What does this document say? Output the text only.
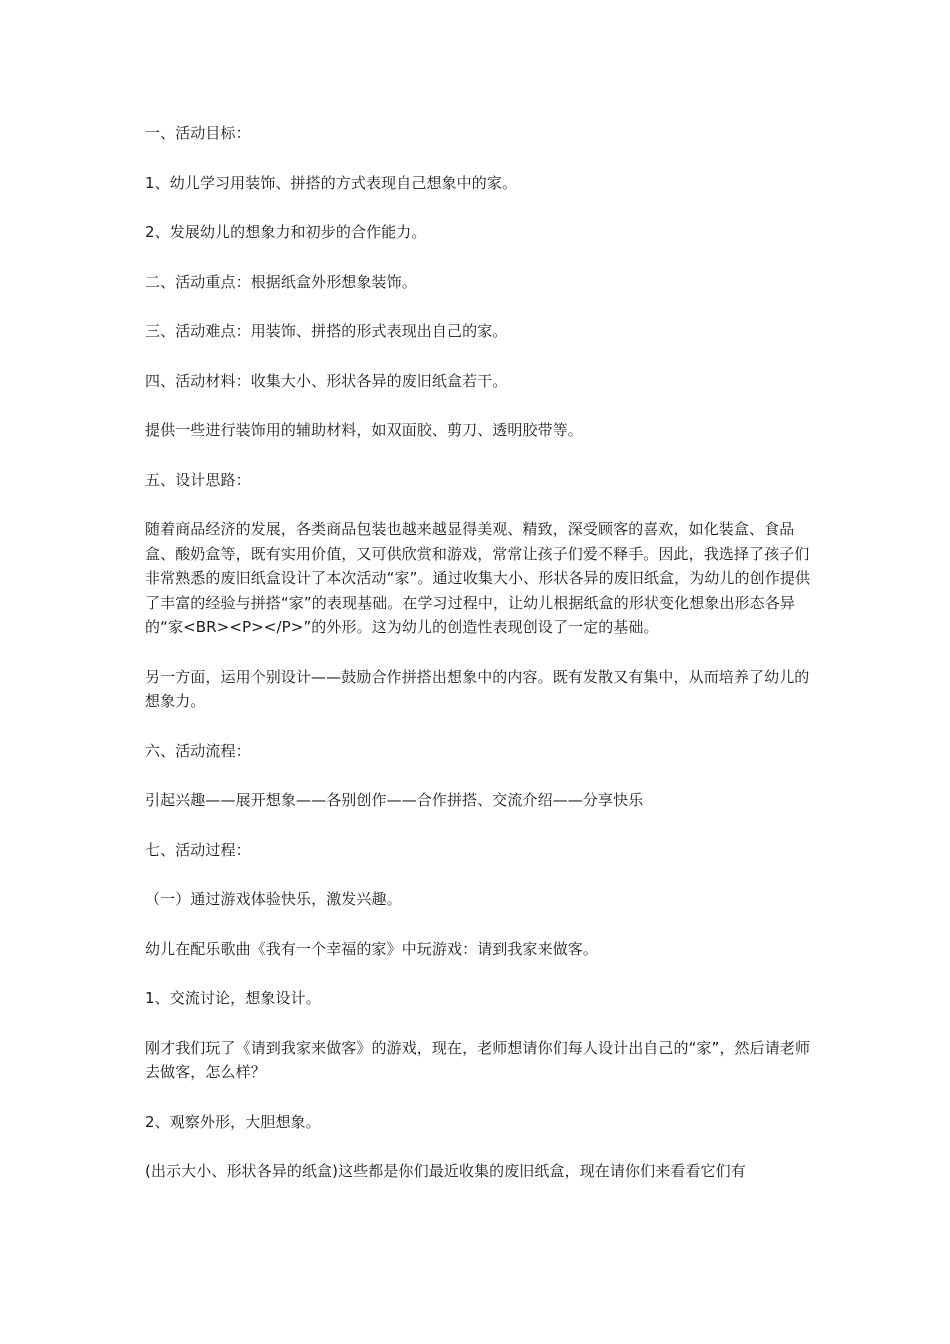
一、活动目标：

1、幼儿学习用装饰、拼搭的方式表现自己想象中的家。

2、发展幼儿的想象力和初步的合作能力。

二、活动重点：根据纸盒外形想象装饰。

三、活动难点：用装饰、拼搭的形式表现出自己的家。

四、活动材料：收集大小、形状各异的废旧纸盒若干。

提供一些进行装饰用的辅助材料，如双面胶、剪刀、透明胶带等。

五、设计思路：

随着商品经济的发展，各类商品包装也越来越显得美观、精致，深受顾客的喜欢，如化装盒、食品盒、酸奶盒等，既有实用价值，又可供欣赏和游戏，常常让孩子们爱不释手。因此，我选择了孩子们非常熟悉的废旧纸盒设计了本次活动“家”。通过收集大小、形状各异的废旧纸盒，为幼儿的创作提供了丰富的经验与拼搭“家”的表现基础。在学习过程中，让幼儿根据纸盒的形状变化想象出形态各异的“家<BR><P></P>”的外形。这为幼儿的创造性表现创设了一定的基础。

另一方面，运用个别设计——鼓励合作拼搭出想象中的内容。既有发散又有集中，从而培养了幼儿的想象力。

六、活动流程：

引起兴趣——展开想象——各别创作——合作拼搭、交流介绍——分享快乐

七、活动过程：

（一）通过游戏体验快乐，激发兴趣。

幼儿在配乐歌曲《我有一个幸福的家》中玩游戏：请到我家来做客。

1、交流讨论，想象设计。

刚才我们玩了《请到我家来做客》的游戏，现在，老师想请你们每人设计出自己的“家”，然后请老师去做客，怎么样？

2、观察外形，大胆想象。

(出示大小、形状各异的纸盒)这些都是你们最近收集的废旧纸盒，现在请你们来看看它们有
